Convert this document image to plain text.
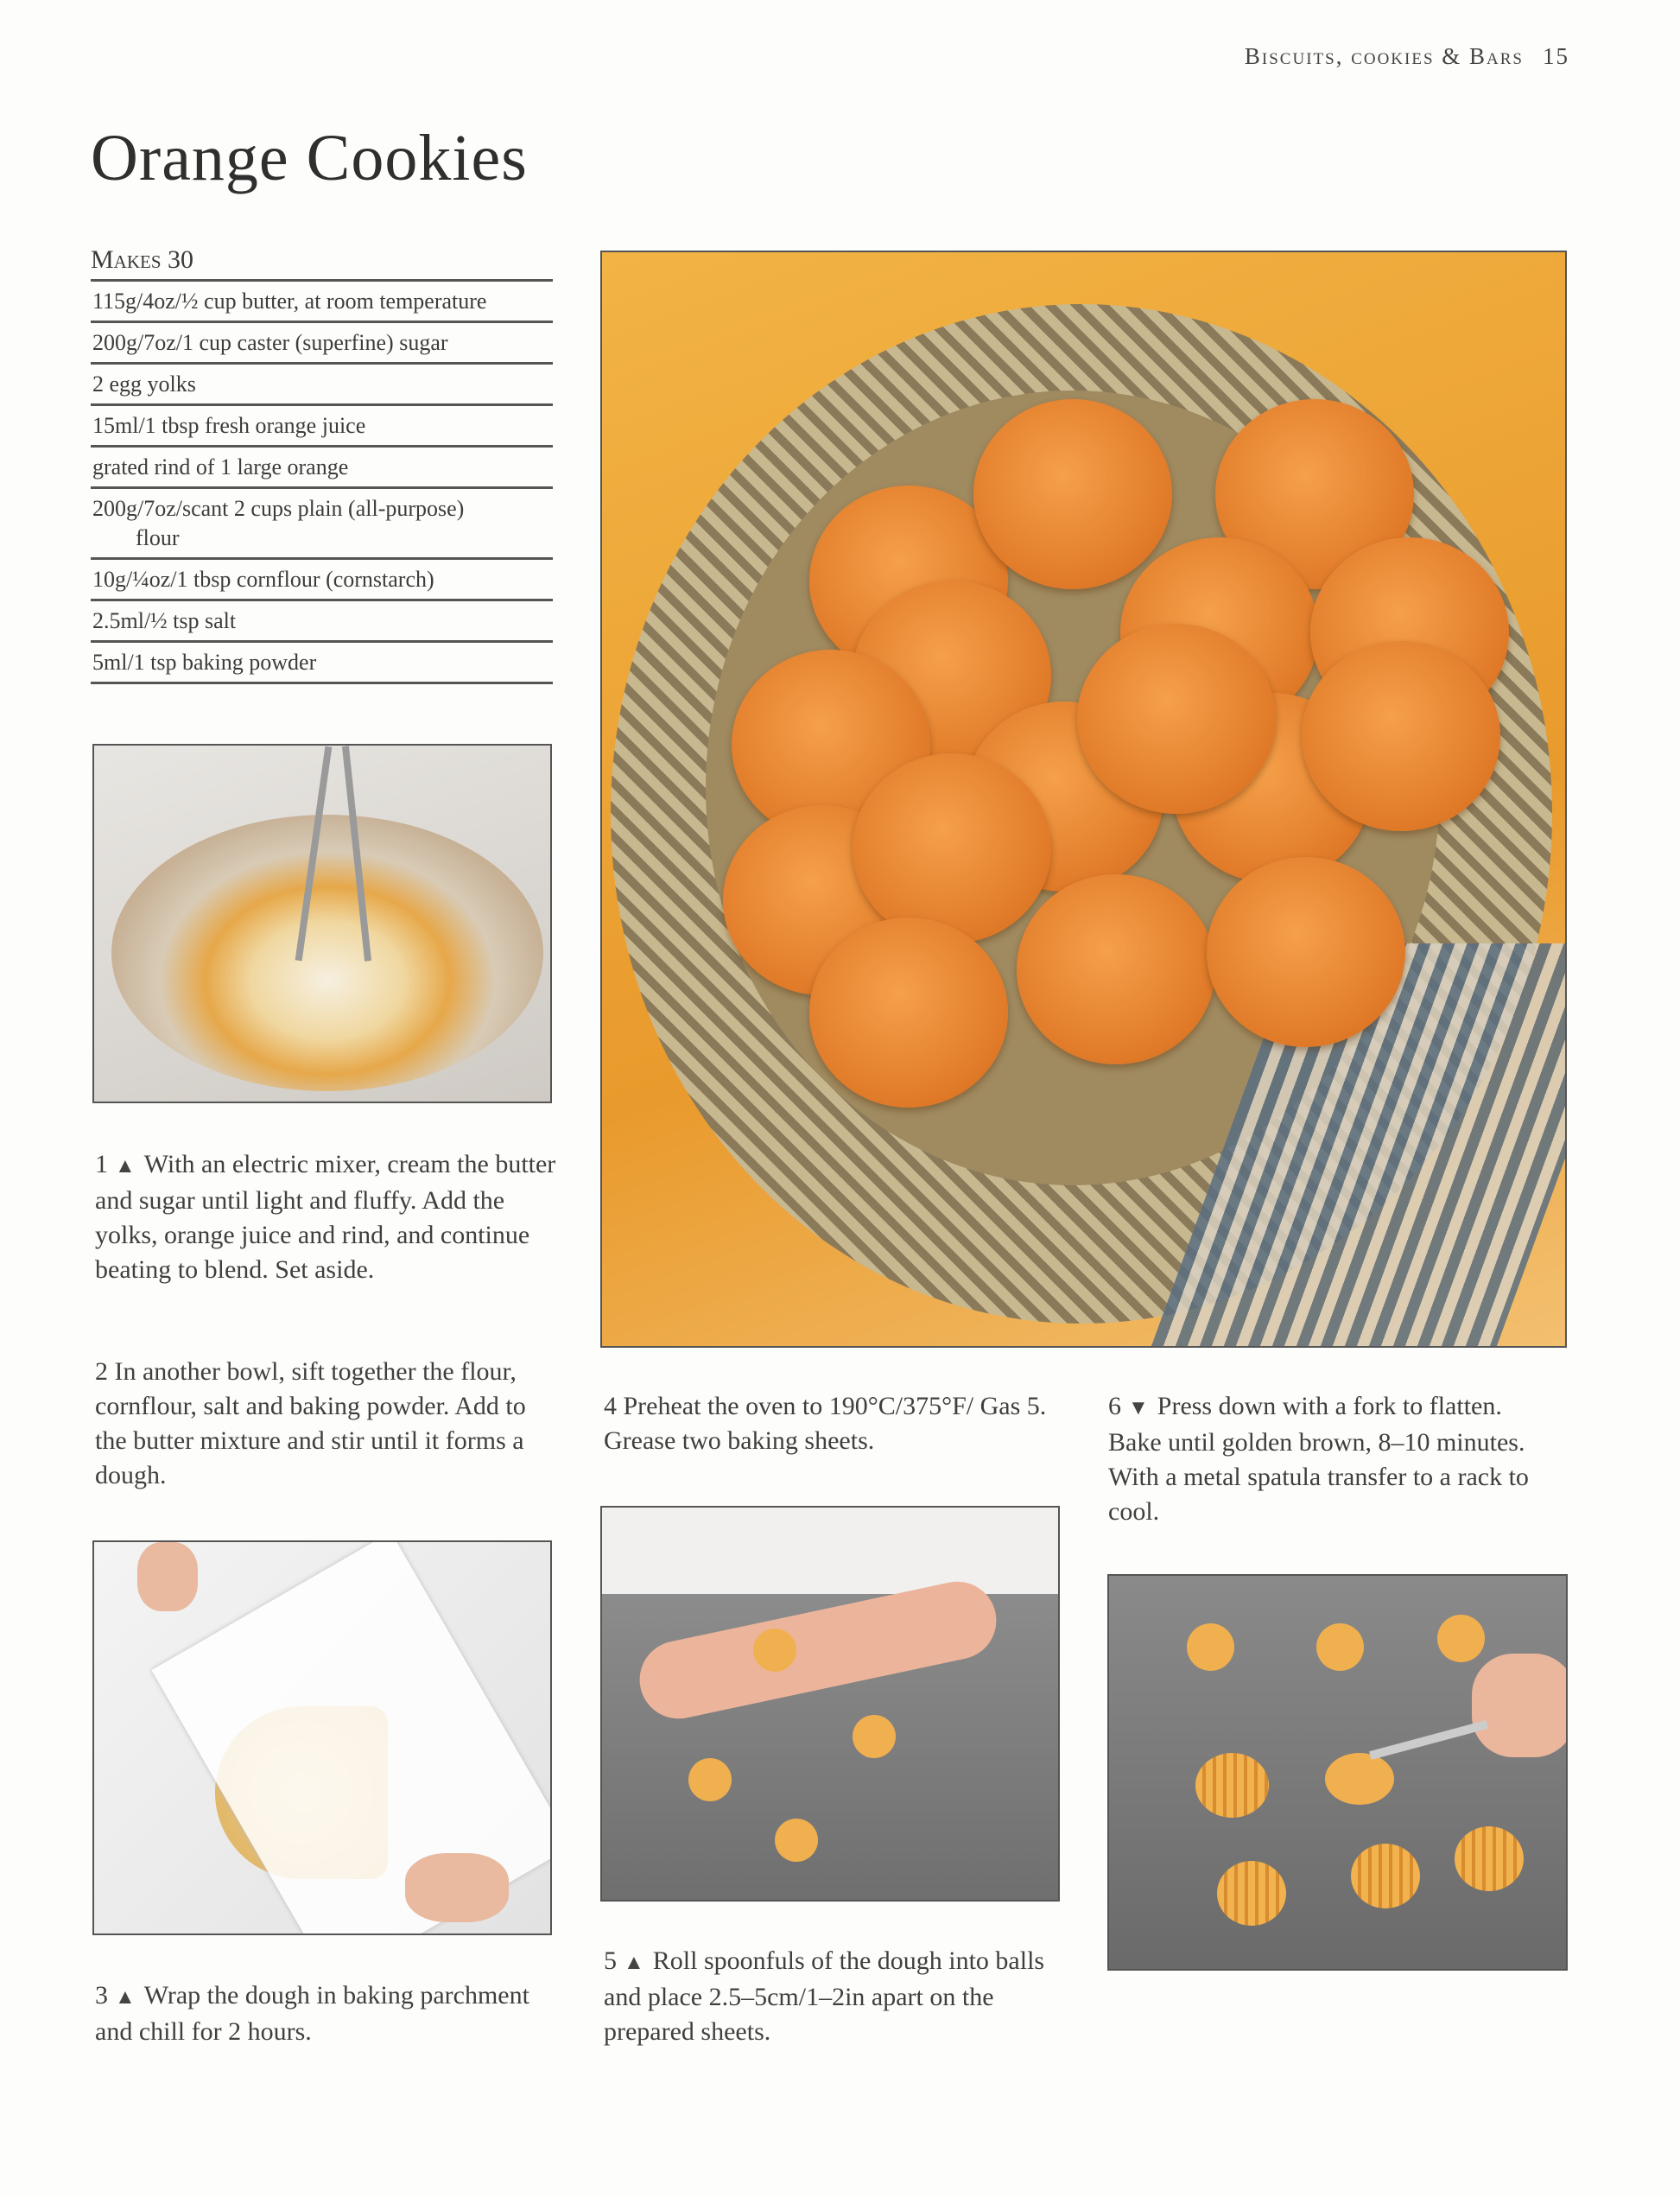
Biscuits, cookies & Bars 15
Orange Cookies
Makes 30
115g/4oz/½ cup butter, at room temperature
200g/7oz/1 cup caster (superfine) sugar
2 egg yolks
15ml/1 tbsp fresh orange juice
grated rind of 1 large orange
200g/7oz/scant 2 cups plain (all-purpose)
flour
10g/¼oz/1 tbsp cornflour (cornstarch)
2.5ml/½ tsp salt
5ml/1 tsp baking powder
1 ▲ With an electric mixer, cream the butter and sugar until light and fluffy. Add the yolks, orange juice and rind, and continue beating to blend. Set aside.
2 In another bowl, sift together the flour, cornflour, salt and baking powder. Add to the butter mixture and stir until it forms a dough.
3 ▲ Wrap the dough in baking parchment and chill for 2 hours.
4 Preheat the oven to 190°C/375°F/ Gas 5. Grease two baking sheets.
5 ▲ Roll spoonfuls of the dough into balls and place 2.5–5cm/1–2in apart on the prepared sheets.
6 ▼ Press down with a fork to flatten. Bake until golden brown, 8–10 minutes. With a metal spatula transfer to a rack to cool.
